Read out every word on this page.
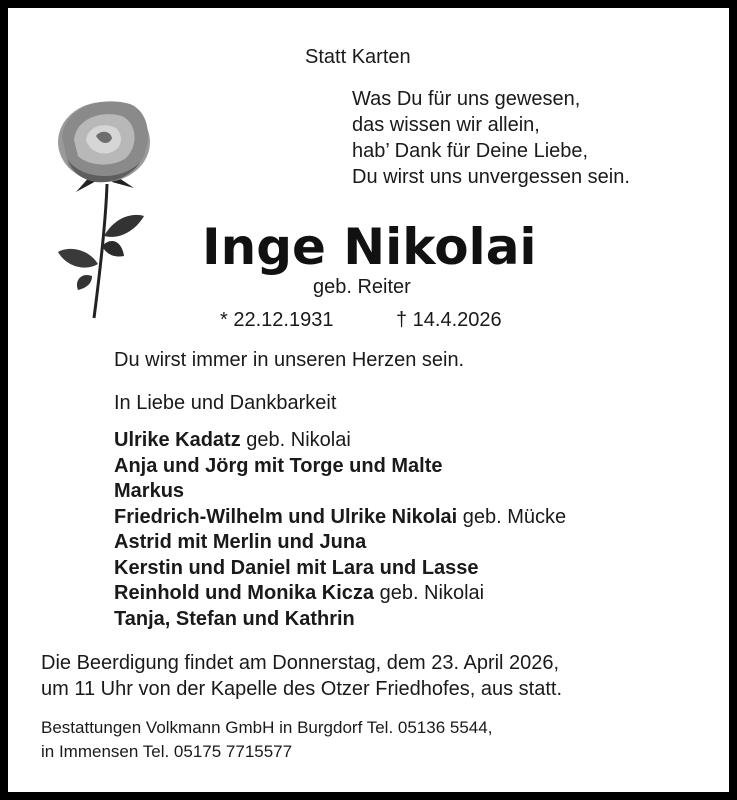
Statt Karten
Was Du für uns gewesen,
das wissen wir allein,
hab’ Dank für Deine Liebe,
Du wirst uns unvergessen sein.
Inge Nikolai
geb. Reiter
* 22.12.1931	† 14.4.2026
Du wirst immer in unseren Herzen sein.
In Liebe und Dankbarkeit
Ulrike Kadatz geb. Nikolai
Anja und Jörg mit Torge und Malte
Markus
Friedrich-Wilhelm und Ulrike Nikolai geb. Mücke
Astrid mit Merlin und Juna
Kerstin und Daniel mit Lara und Lasse
Reinhold und Monika Kicza geb. Nikolai
Tanja, Stefan und Kathrin
Die Beerdigung findet am Donnerstag, dem 23. April 2026,
um 11 Uhr von der Kapelle des Otzer Friedhofes, aus statt.
Bestattungen Volkmann GmbH in Burgdorf Tel. 05136 5544,
in Immensen Tel. 05175 7715577
